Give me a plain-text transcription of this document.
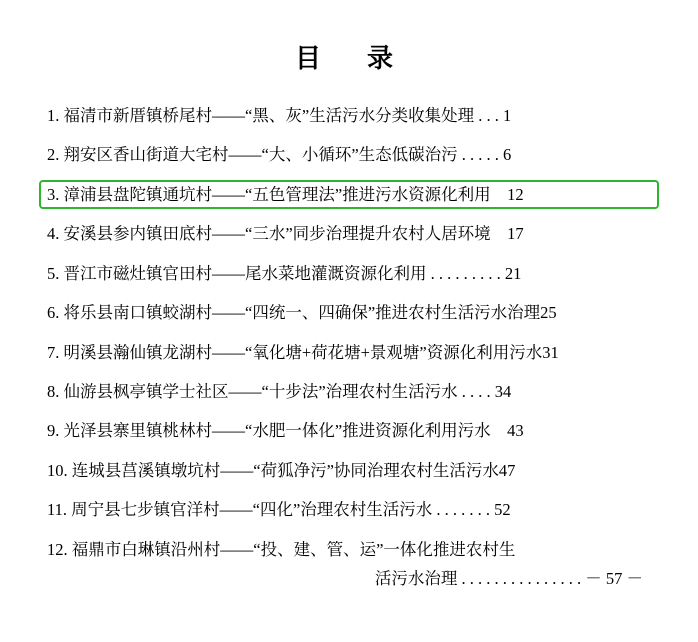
目　录
1. 福清市新厝镇桥尾村——“黑、灰”生活污水分类收集处理 . . . 1
2. 翔安区香山街道大宅村——“大、小循环”生态低碳治污 . . . . . 6
3. 漳浦县盘陀镇通坑村——“五色管理法”推进污水资源化利用　12
4. 安溪县参内镇田底村——“三水”同步治理提升农村人居环境　17
5. 晋江市磁灶镇官田村——尾水菜地灌溉资源化利用 . . . . . . . . . 21
6. 将乐县南口镇蛟湖村——“四统一、四确保”推进农村生活污水治理25
7. 明溪县瀚仙镇龙湖村——“氧化塘+荷花塘+景观塘”资源化利用污水31
8. 仙游县枫亭镇学士社区——“十步法”治理农村生活污水 . . . . 34
9. 光泽县寨里镇桃林村——“水肥一体化”推进资源化利用污水　43
10. 连城县莒溪镇墩坑村——“荷狐净污”协同治理农村生活污水47
11. 周宁县七步镇官洋村——“四化”治理农村生活污水 . . . . . . . 52
12. 福鼎市白琳镇沿州村——“投、建、管、运”一体化推进农村生
活污水治理 . . . . . . . . . . . . . . . － 57 －
